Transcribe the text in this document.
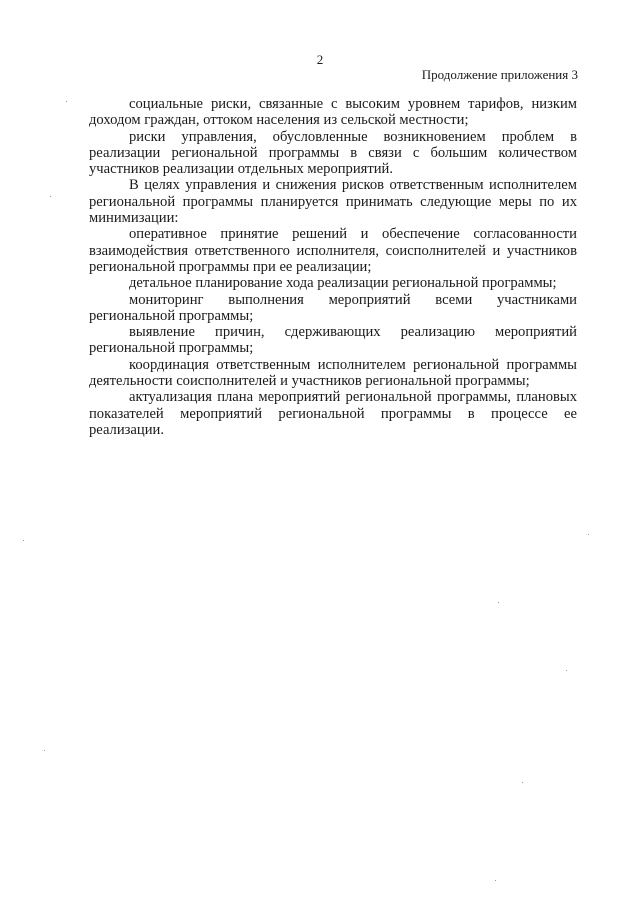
2
Продолжение приложения 3

социальные риски, связанные с высоким уровнем тарифов, низким доходом граждан, оттоком населения из сельской местности;

риски управления, обусловленные возникновением проблем в реализации региональной программы в связи с большим количеством участников реализации отдельных мероприятий.

В целях управления и снижения рисков ответственным исполнителем региональной программы планируется принимать следующие меры по их минимизации:

оперативное принятие решений и обеспечение согласованности взаимодействия ответственного исполнителя, соисполнителей и участников региональной программы при ее реализации;

детальное планирование хода реализации региональной программы;

мониторинг выполнения мероприятий всеми участниками региональной программы;

выявление причин, сдерживающих реализацию мероприятий региональной программы;

координация ответственным исполнителем региональной программы деятельности соисполнителей и участников региональной программы;

актуализация плана мероприятий региональной программы, плановых показателей мероприятий региональной программы в процессе ее реализации.
